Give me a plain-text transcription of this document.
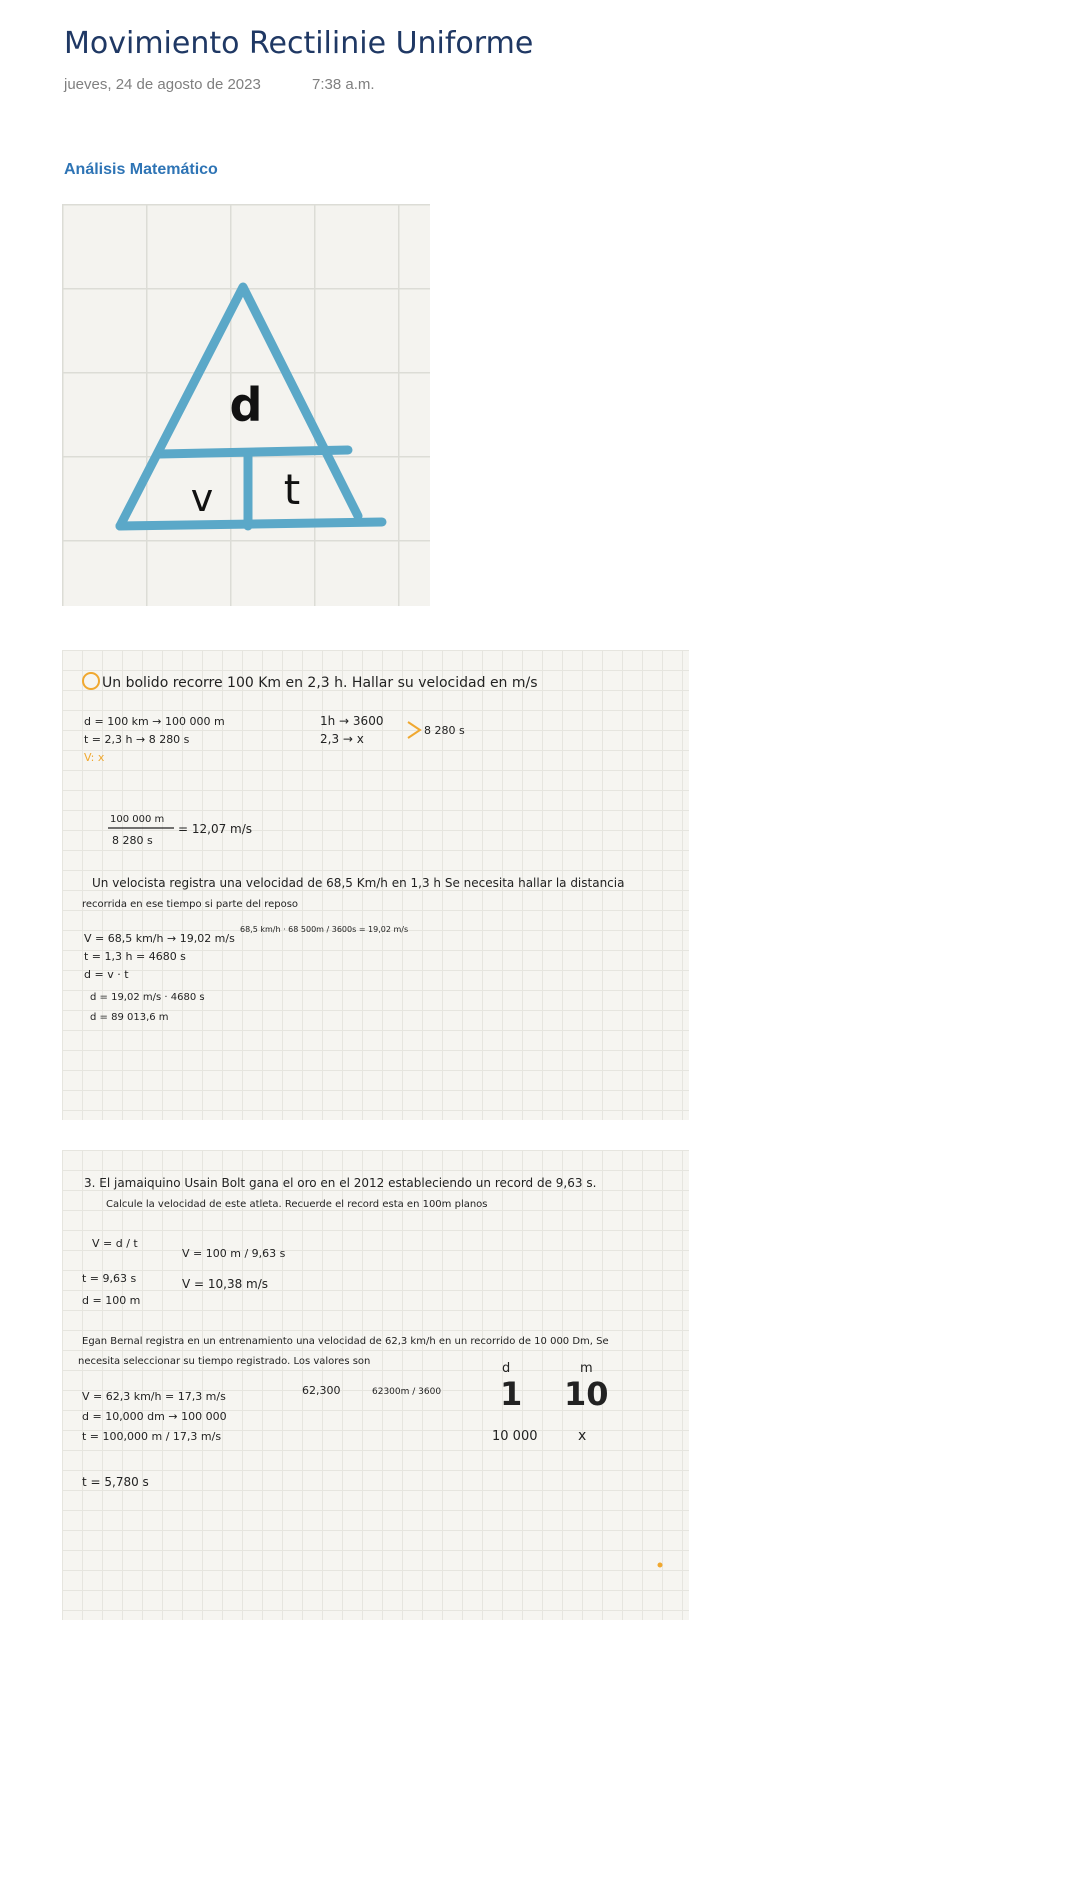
Movimiento Rectilinie Uniforme
jueves, 24 de agosto de 2023	7:38 a.m.
Análisis Matemático
d
v t
Un bolido recorre 100 Km en 2,3 h. Hallar su velocidad en m/s
d = 100 km → 100 000 m
t = 2,3 h → 8 280 s
V: x
1h → 3600
2,3 → x
8 280 s
100 000 m
8 280 s
= 12,07 m/s
Un velocista registra una velocidad de 68,5 Km/h en 1,3 h Se necesita hallar la distancia
recorrida en ese tiempo si parte del reposo
V = 68,5 km/h → 19,02 m/s
68,5 km/h · 68 500m / 3600s = 19,02 m/s
t = 1,3 h = 4680 s
d = v · t
d = 19,02 m/s · 4680 s
d = 89 013,6 m
3. El jamaiquino Usain Bolt gana el oro en el 2012 estableciendo un record de 9,63 s.
Calcule la velocidad de este atleta. Recuerde el record esta en 100m planos
V = d / t
V = 100 m / 9,63 s
t = 9,63 s	V = 10,38 m/s
d = 100 m
Egan Bernal registra en un entrenamiento una velocidad de 62,3 km/h en un recorrido de 10 000 Dm, Se
necesita seleccionar su tiempo registrado. Los valores son
V = 62,3 km/h = 17,3 m/s	62,300	62300m / 3600
d = 10,000 dm → 100 000
t = 100,000 m / 17,3 m/s
t = 5,780 s
d	m
1 10
10 000	x
